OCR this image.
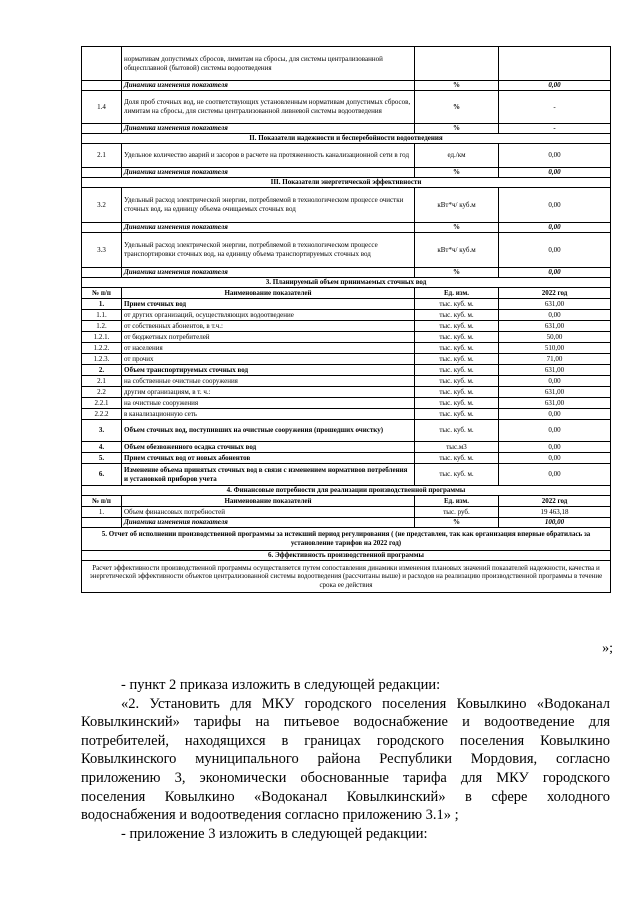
	нормативам допустимых сбросов, лимитам на сбросы, для системы централизованной общесплавной (бытовой) системы водоотведения		
	Динамика изменения показателя	%	0,00
1.4	Доля проб сточных вод, не соответствующих установленным нормативам допустимых сбросов, лимитам на сбросы, для системы централизованной ливневой системы водоотведения	%	-
	Динамика изменения показателя	%	-
II. Показатели надежности и бесперебойности водоотведения			
2.1	Удельное количество аварий и засоров в расчете на протяженность канализационной сети в год	ед./км	0,00
	Динамика изменения показателя	%	0,00
III. Показатели энергетической эффективности			
3.2	Удельный расход электрической энергии, потребляемой в технологическом процессе очистки сточных вод, на единицу объема очищаемых сточных вод	кВт*ч/ куб.м	0,00
	Динамика изменения показателя	%	0,00
3.3	Удельный расход электрической энергии, потребляемой в технологическом процессе транспортировки сточных вод, на единицу объема транспортируемых сточных вод	кВт*ч/ куб.м	0,00
	Динамика изменения показателя	%	0,00
3. Планируемый объем принимаемых сточных вод			
№ п/п	Наименование показателей	Ед. изм.	2022 год
1.	Прием сточных вод	тыс. куб. м.	631,00
1.1.	от других организаций, осуществляющих водоотведение	тыс. куб. м.	0,00
1.2.	от собственных абонентов, в т.ч.:	тыс. куб. м.	631,00
1.2.1.	от бюджетных потребителей	тыс. куб. м.	50,00
1.2.2.	от населения	тыс. куб. м.	510,00
1.2.3.	от прочих	тыс. куб. м.	71,00
2.	Объем транспортируемых сточных вод	тыс. куб. м.	631,00
2.1	на собственные очистные сооружения	тыс. куб. м.	0,00
2.2	другим организациям, в т. ч.:	тыс. куб. м.	631,00
2.2.1	на очистные сооружения	тыс. куб. м.	631,00
2.2.2	в канализационную сеть	тыс. куб. м.	0,00
3.	Объем сточных вод, поступивших на очистные сооружения (прошедших очистку)	тыс. куб. м.	0,00
4.	Объем обезвоженного осадка сточных вод	тыс.м3	0,00
5.	Прием сточных вод от новых абонентов	тыс. куб. м.	0,00
6.	Изменение объема принятых сточных вод в связи с изменением нормативов потребления и установкой приборов учета	тыс. куб. м.	0,00
4. Финансовые потребности для реализации производственной программы			
№ п/п	Наименование показателей	Ед. изм.	2022 год
1.	Объем финансовых потребностей	тыс. руб.	19 463,18
	Динамика изменения показателя	%	100,00
5. Отчет об исполнении производственной программы за истекший период регулирования ( (не представлен, так как организация впервые обратилась за установление тарифов на 2022 год)			
6. Эффективность производственной программы			
Расчет эффективности производственной программы осуществляется путем сопоставления динамики изменения плановых значений показателей надежности, качества и энергетической эффективности объектов централизованной системы водоотведения (рассчитаны выше) и расходов на реализацию производственной программы в течение срока ее действия			
»;

- пункт 2 приказа изложить в следующей редакции:

«2. Установить для МКУ городского поселения Ковылкино «Водоканал

Ковылкинский» тарифы на питьевое водоснабжение и водоотведение для

потребителей, находящихся в границах городского поселения Ковылкино

Ковылкинского муниципального района Республики Мордовия, согласно

приложению 3, экономически обоснованные тарифа для МКУ городского

поселения Ковылкино «Водоканал Ковылкинский» в сфере холодного

водоснабжения и водоотведения согласно приложению 3.1» ;

- приложение 3 изложить в следующей редакции:
